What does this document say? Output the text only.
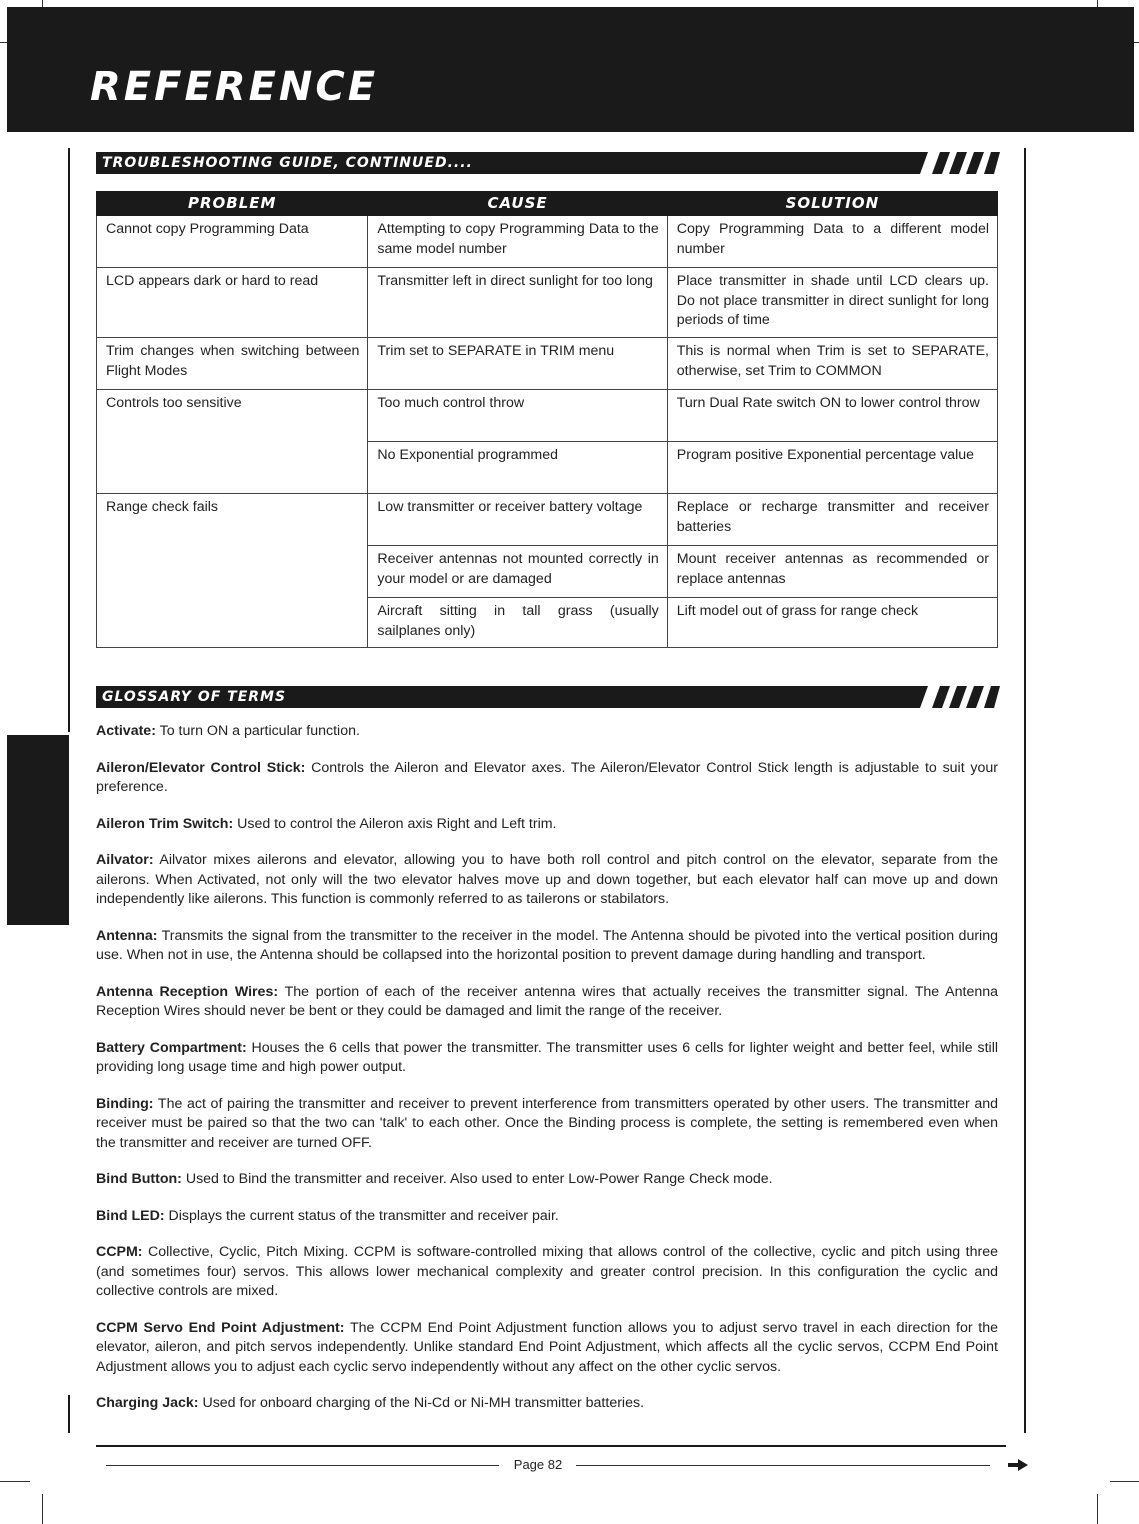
REFERENCE
TROUBLESHOOTING GUIDE, CONTINUED....
PROBLEM	CAUSE	SOLUTION
Cannot copy Programming Data	Attempting to copy Programming Data to the same model number	Copy Programming Data to a different model number
LCD appears dark or hard to read	Transmitter left in direct sunlight for too long	Place transmitter in shade until LCD clears up. Do not place transmitter in direct sunlight for long periods of time
Trim changes when switching between Flight Modes	Trim set to SEPARATE in TRIM menu	This is normal when Trim is set to SEPARATE, otherwise, set Trim to COMMON
Controls too sensitive	Too much control throw	Turn Dual Rate switch ON to lower control throw
	No Exponential programmed	Program positive Exponential percentage value
Range check fails	Low transmitter or receiver battery voltage	Replace or recharge transmitter and receiver batteries
	Receiver antennas not mounted correctly in your model or are damaged	Mount receiver antennas as recommended or replace antennas
	Aircraft sitting in tall grass (usually sailplanes only)	Lift model out of grass for range check
GLOSSARY OF TERMS

Activate: To turn ON a particular function.

Aileron/Elevator Control Stick: Controls the Aileron and Elevator axes. The Aileron/Elevator Control Stick length is adjustable to suit your preference.

Aileron Trim Switch: Used to control the Aileron axis Right and Left trim.

Ailvator: Ailvator mixes ailerons and elevator, allowing you to have both roll control and pitch control on the elevator, separate from the ailerons. When Activated, not only will the two elevator halves move up and down together, but each elevator half can move up and down independently like ailerons. This function is commonly referred to as tailerons or stabilators.

Antenna: Transmits the signal from the transmitter to the receiver in the model. The Antenna should be pivoted into the vertical position during use. When not in use, the Antenna should be collapsed into the horizontal position to prevent damage during handling and transport.

Antenna Reception Wires: The portion of each of the receiver antenna wires that actually receives the transmitter signal. The Antenna Reception Wires should never be bent or they could be damaged and limit the range of the receiver.

Battery Compartment: Houses the 6 cells that power the transmitter. The transmitter uses 6 cells for lighter weight and better feel, while still providing long usage time and high power output.

Binding: The act of pairing the transmitter and receiver to prevent interference from transmitters operated by other users. The transmitter and receiver must be paired so that the two can 'talk' to each other. Once the Binding process is complete, the setting is remembered even when the transmitter and receiver are turned OFF.

Bind Button: Used to Bind the transmitter and receiver. Also used to enter Low-Power Range Check mode.

Bind LED: Displays the current status of the transmitter and receiver pair.

CCPM: Collective, Cyclic, Pitch Mixing. CCPM is software-controlled mixing that allows control of the collective, cyclic and pitch using three (and sometimes four) servos. This allows lower mechanical complexity and greater control precision. In this configuration the cyclic and collective controls are mixed.

CCPM Servo End Point Adjustment: The CCPM End Point Adjustment function allows you to adjust servo travel in each direction for the elevator, aileron, and pitch servos independently. Unlike standard End Point Adjustment, which affects all the cyclic servos, CCPM End Point Adjustment allows you to adjust each cyclic servo independently without any affect on the other cyclic servos.

Charging Jack: Used for onboard charging of the Ni-Cd or Ni-MH transmitter batteries.

Page 82
